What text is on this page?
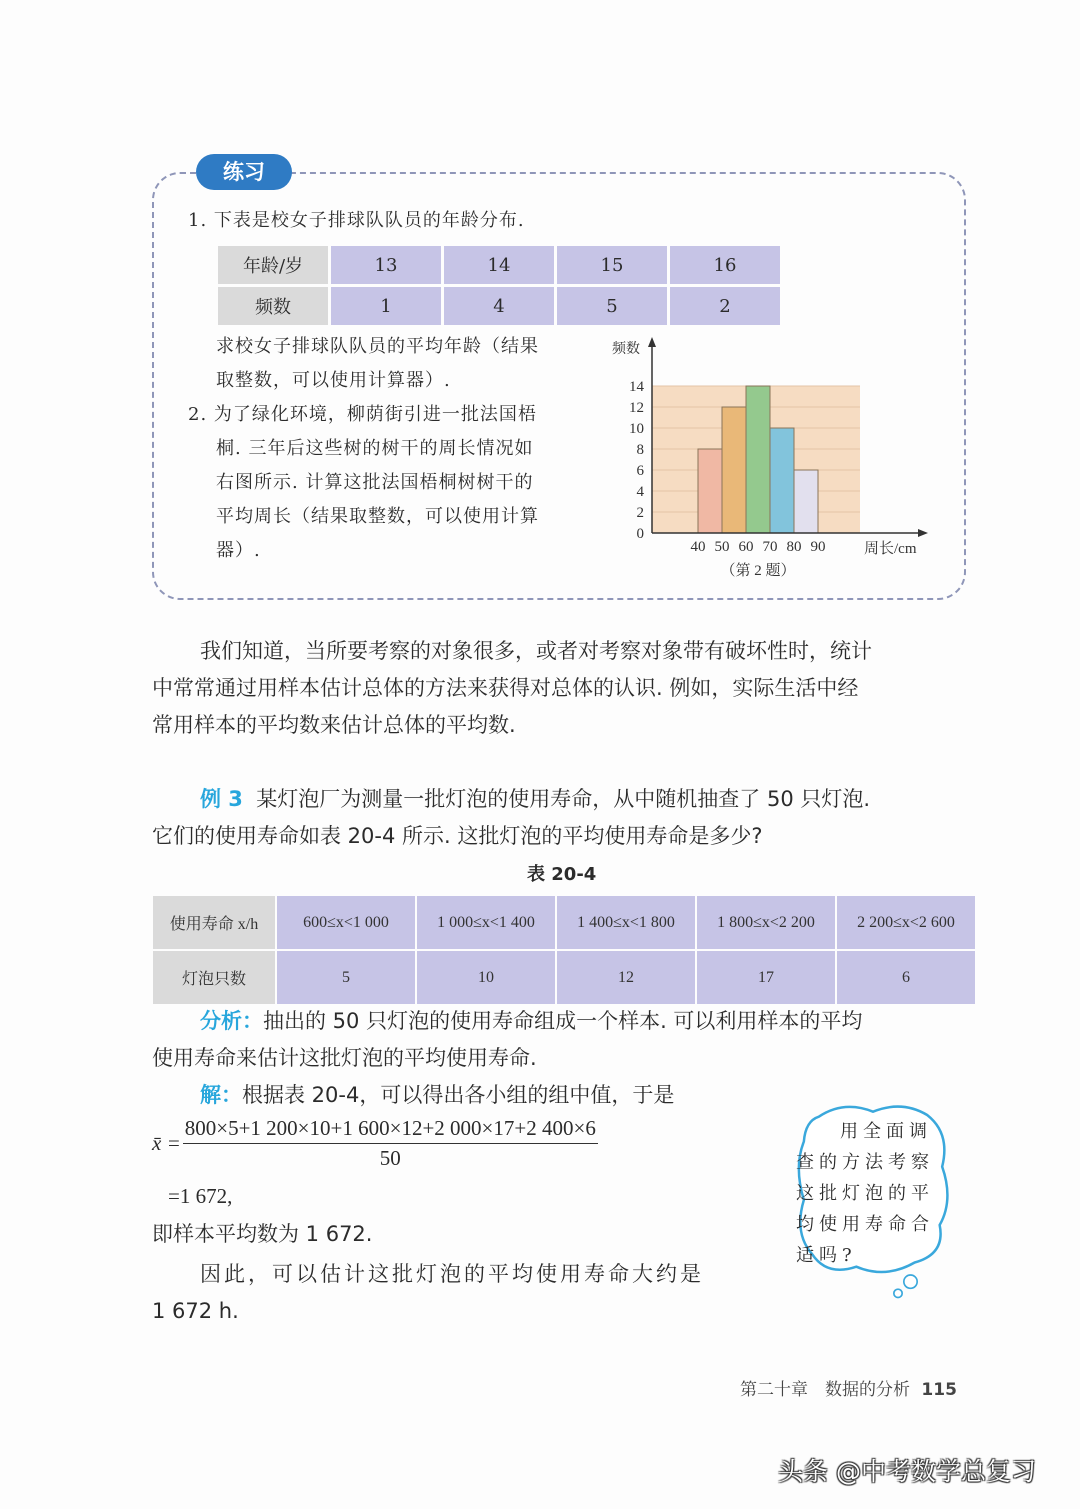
练习
1. 下表是校女子排球队队员的年龄分布.
年龄/岁	13	14	15	16
频数	1	4	5	2
求校女子排球队队员的平均年龄（结果
取整数，可以使用计算器）.
2. 为了绿化环境，柳荫街引进一批法国梧
桐. 三年后这些树的树干的周长情况如
右图所示. 计算这批法国梧桐树树干的
平均周长（结果取整数，可以使用计算
器）.
频数
0
2
4
6
8
10
12
14
40 50 60 70 80 90	周长/cm
（第 2 题）
我们知道，当所要考察的对象很多，或者对考察对象带有破坏性时，统计
中常常通过用样本估计总体的方法来获得对总体的认识. 例如，实际生活中经
常用样本的平均数来估计总体的平均数.
例 3 某灯泡厂为测量一批灯泡的使用寿命，从中随机抽查了 50 只灯泡.
它们的使用寿命如表 20-4 所示. 这批灯泡的平均使用寿命是多少?
表 20-4
使用寿命 x/h	600≤x<1 000	1 000≤x<1 400	1 400≤x<1 800	1 800≤x<2 200	2 200≤x<2 600
灯泡只数	5	10	12	17	6
分析：抽出的 50 只灯泡的使用寿命组成一个样本. 可以利用样本的平均
使用寿命来估计这批灯泡的平均使用寿命.
解：根据表 20-4，可以得出各小组的组中值，于是
x̄ = $\frac{800\times 5+1 200\times 10+1 600\times 12+2 000\times 17+2 400\times 6}{50}$
=1 672,
即样本平均数为 1 672.
因此，可以估计这批灯泡的平均使用寿命大约是
1 672 h.
用全面调
查的方法考察
这批灯泡的平
均使用寿命合
适吗?
第二十章　数据的分析 115
头条 @中考数学总复习
